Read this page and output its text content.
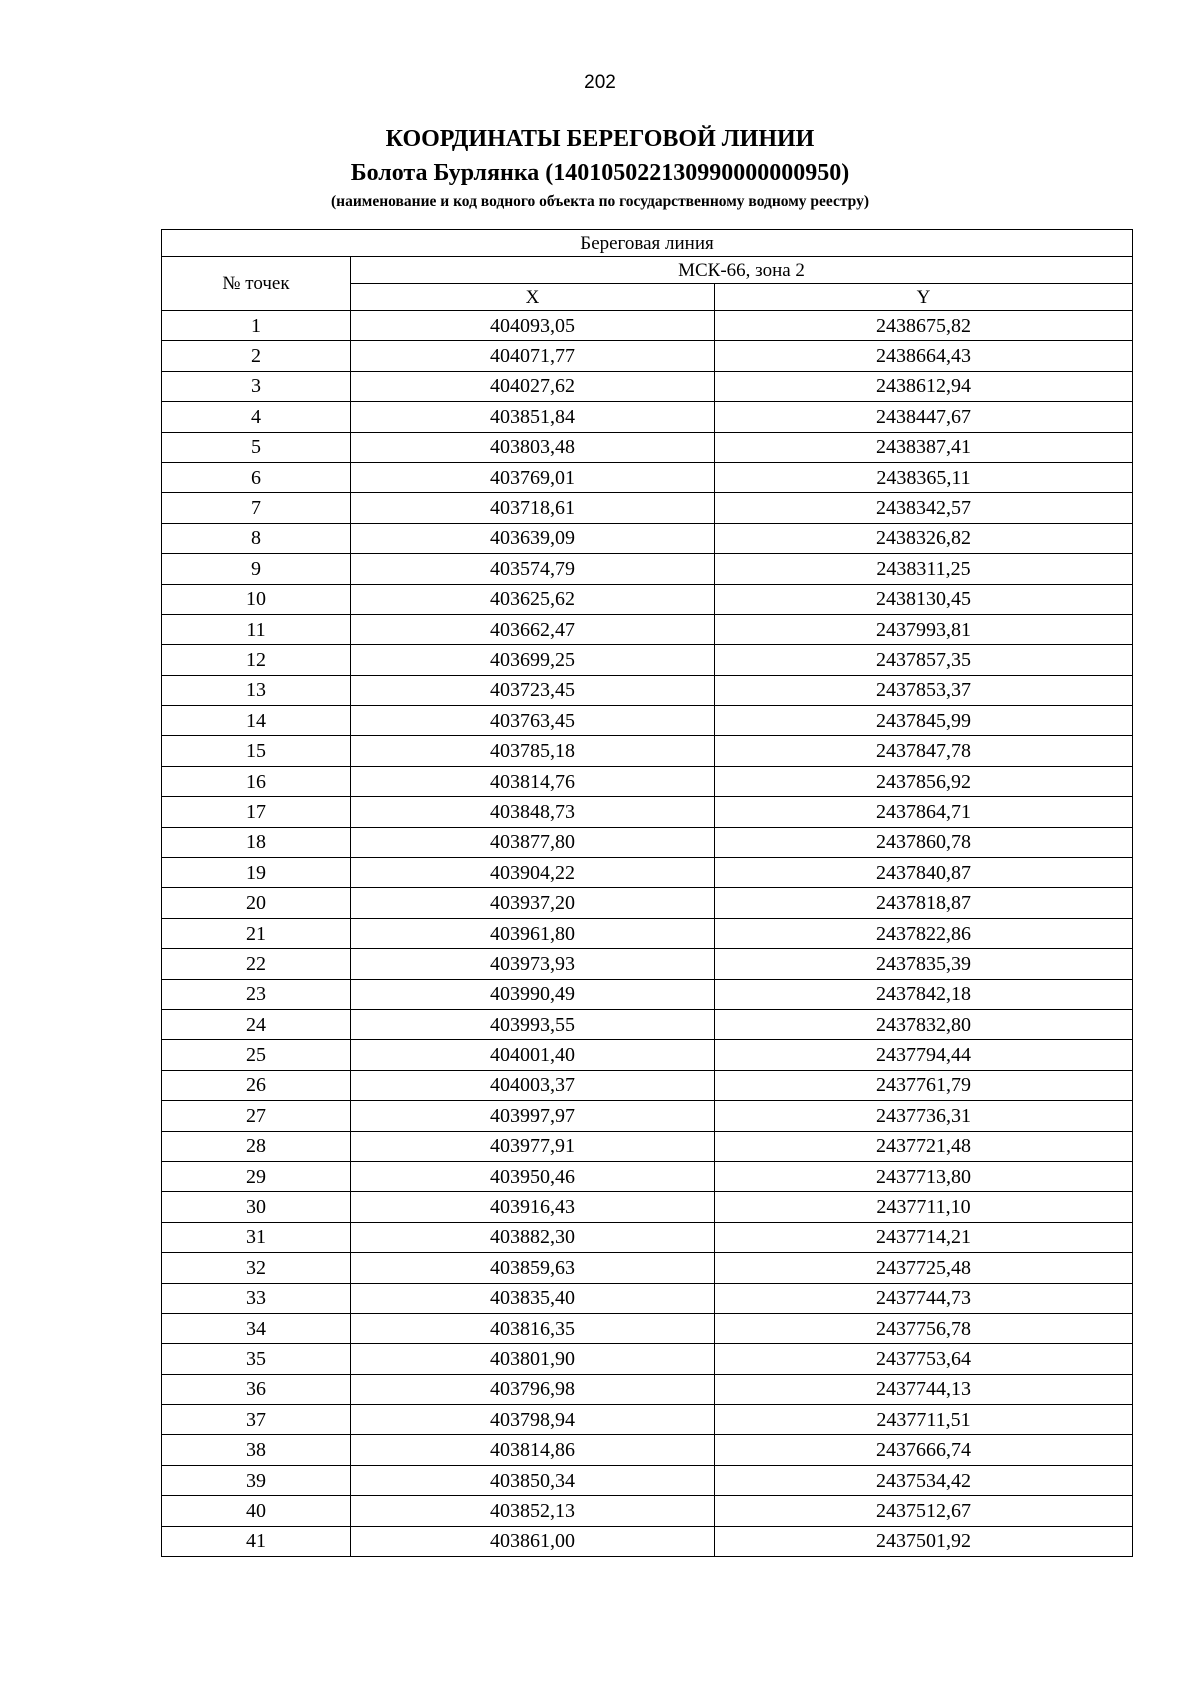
202
КООРДИНАТЫ БЕРЕГОВОЙ ЛИНИИ
Болота Бурлянка (140105022130990000000950)
(наименование и код водного объекта по государственному водному реестру)
Береговая линия		
№ точек	МСК-66, зона 2	
	X	Y
1	404093,05	2438675,82
2	404071,77	2438664,43
3	404027,62	2438612,94
4	403851,84	2438447,67
5	403803,48	2438387,41
6	403769,01	2438365,11
7	403718,61	2438342,57
8	403639,09	2438326,82
9	403574,79	2438311,25
10	403625,62	2438130,45
11	403662,47	2437993,81
12	403699,25	2437857,35
13	403723,45	2437853,37
14	403763,45	2437845,99
15	403785,18	2437847,78
16	403814,76	2437856,92
17	403848,73	2437864,71
18	403877,80	2437860,78
19	403904,22	2437840,87
20	403937,20	2437818,87
21	403961,80	2437822,86
22	403973,93	2437835,39
23	403990,49	2437842,18
24	403993,55	2437832,80
25	404001,40	2437794,44
26	404003,37	2437761,79
27	403997,97	2437736,31
28	403977,91	2437721,48
29	403950,46	2437713,80
30	403916,43	2437711,10
31	403882,30	2437714,21
32	403859,63	2437725,48
33	403835,40	2437744,73
34	403816,35	2437756,78
35	403801,90	2437753,64
36	403796,98	2437744,13
37	403798,94	2437711,51
38	403814,86	2437666,74
39	403850,34	2437534,42
40	403852,13	2437512,67
41	403861,00	2437501,92
